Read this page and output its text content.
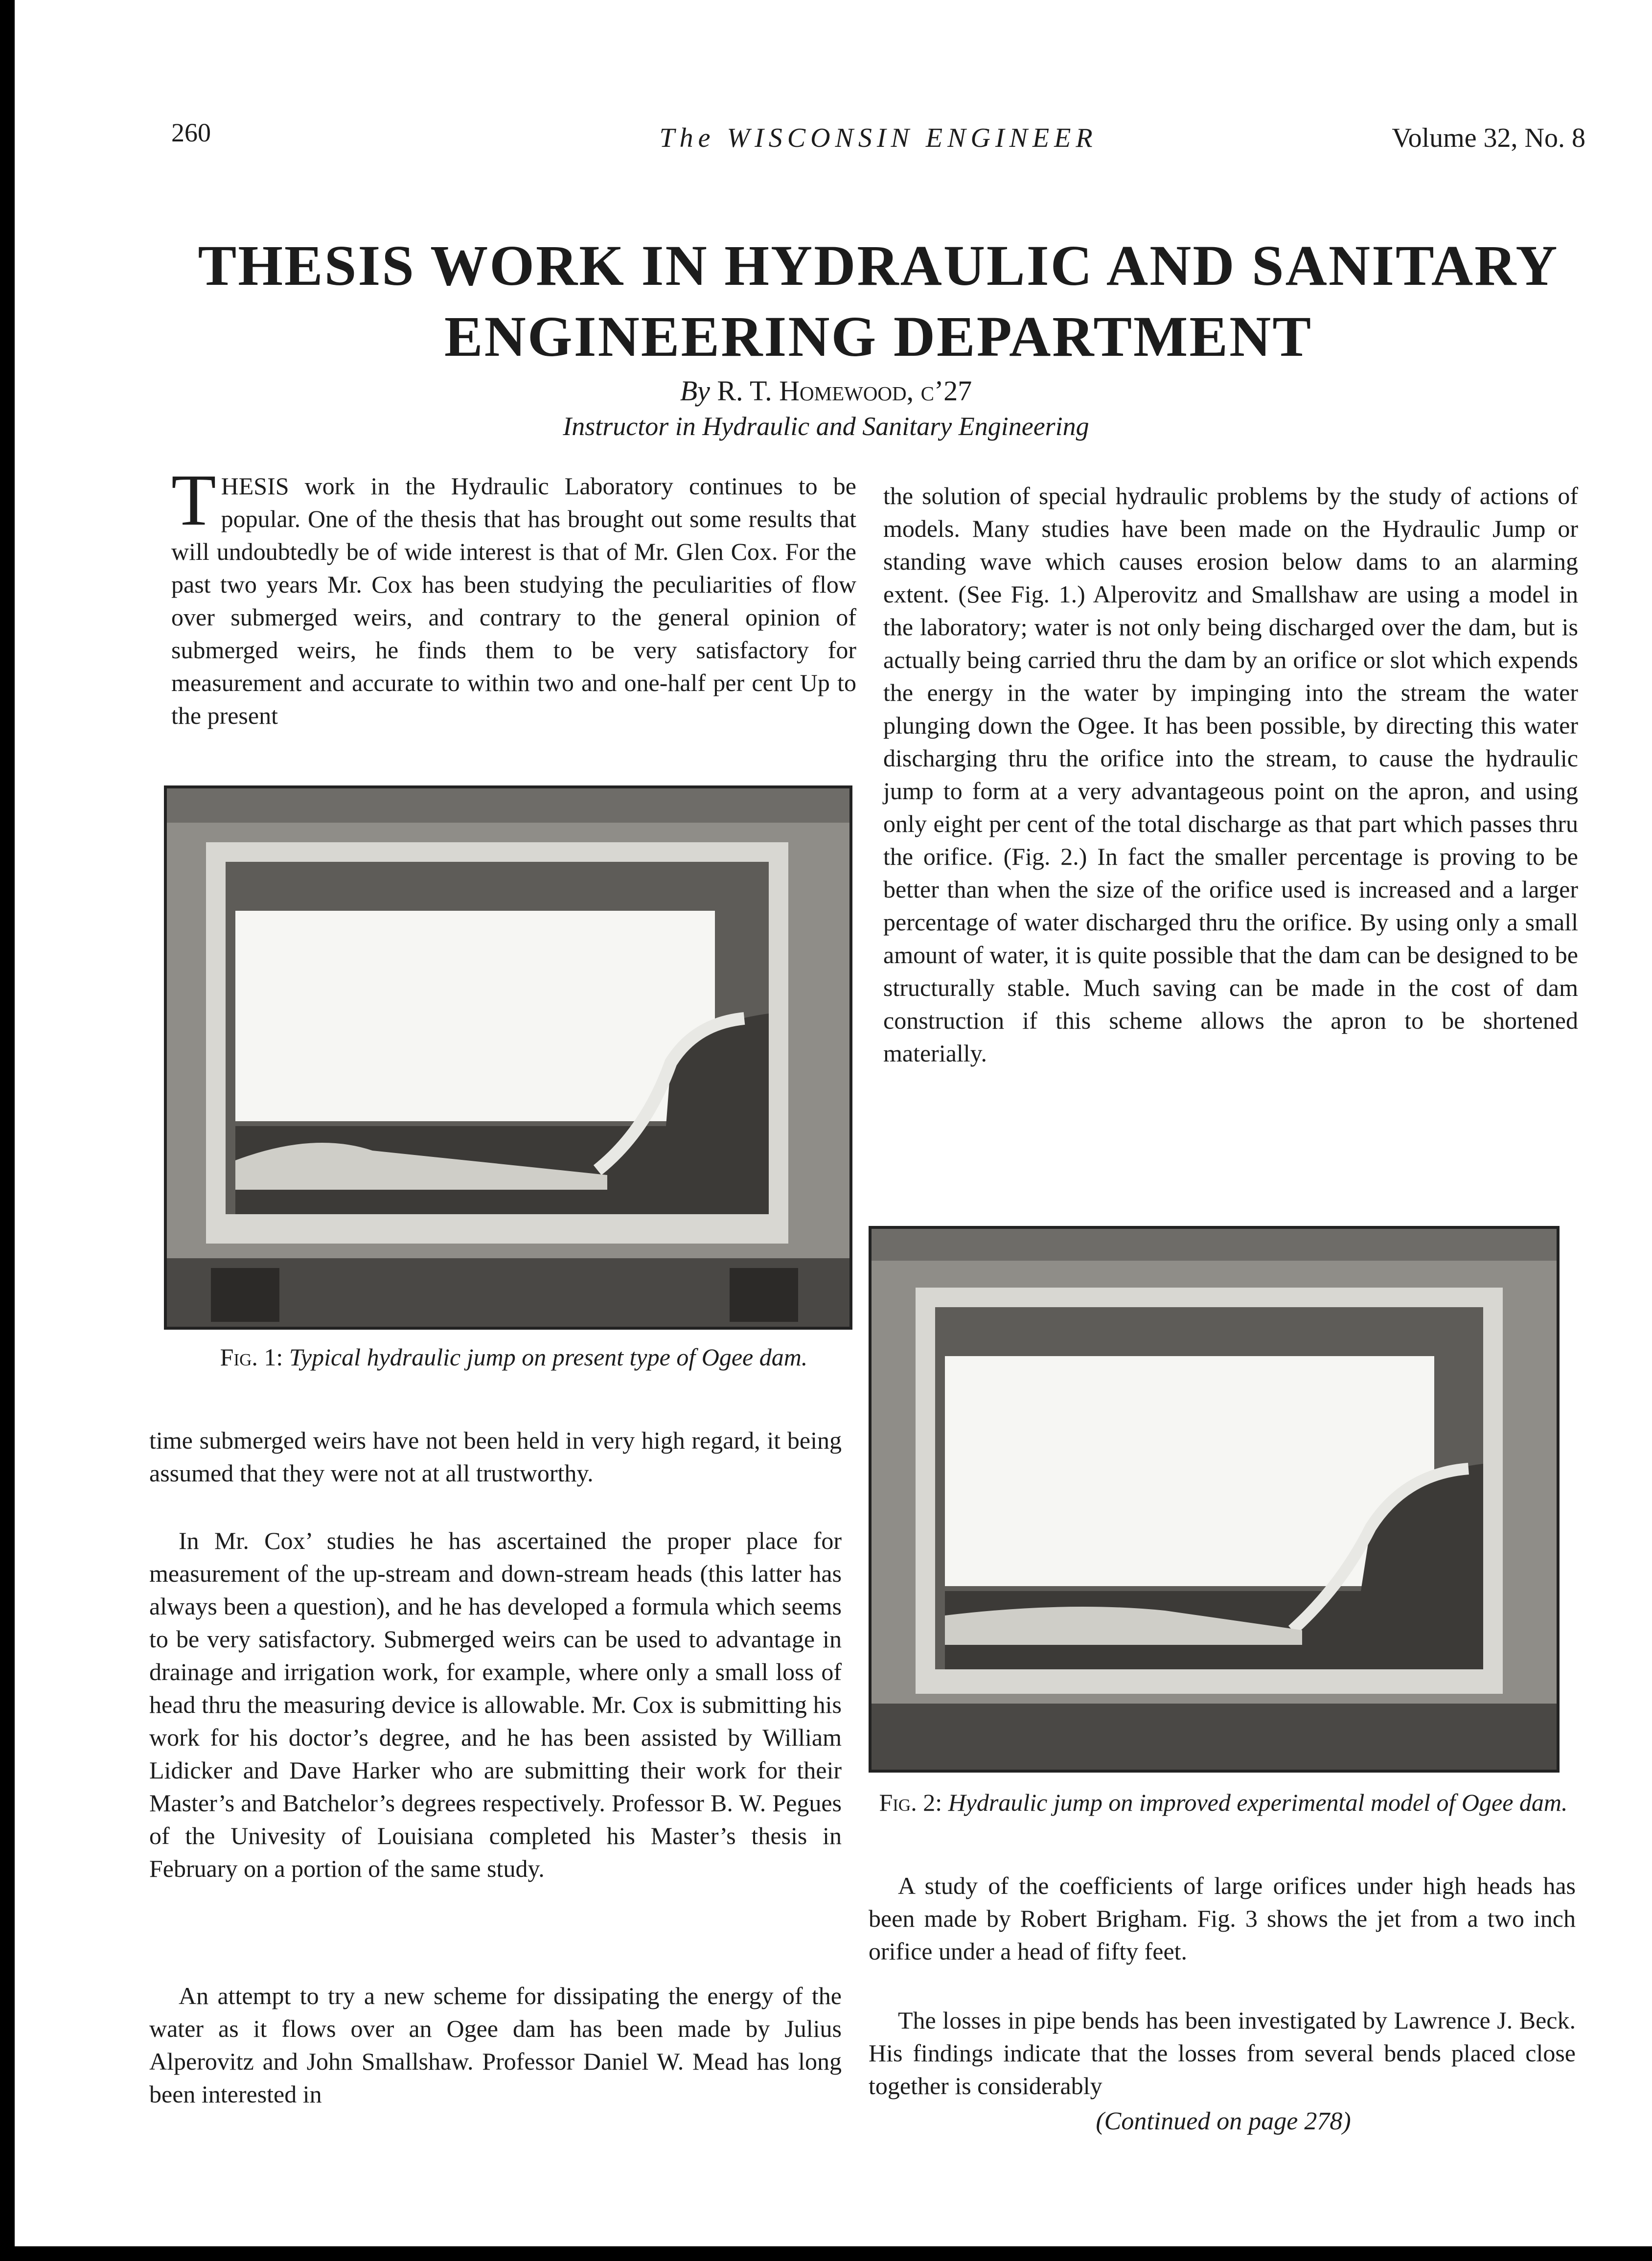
260	The WISCONSIN ENGINEER	Volume 32, No. 8
THESIS WORK IN HYDRAULIC AND SANITARY ENGINEERING DEPARTMENT
By R. T. Homewood, c’27
Instructor in Hydraulic and Sanitary Engineering

THESIS work in the Hydraulic Laboratory continues to be popular. One of the thesis that has brought out some results that will undoubtedly be of wide interest is that of Mr. Glen Cox. For the past two years Mr. Cox has been studying the peculiarities of flow over submerged weirs, and contrary to the general opinion of submerged weirs, he finds them to be very satisfactory for measurement and accurate to within two and one-half per cent Up to the present

Fig. 1: Typical hydraulic jump on present type of Ogee dam.

time submerged weirs have not been held in very high regard, it being assumed that they were not at all trustworthy.

In Mr. Cox’ studies he has ascertained the proper place for measurement of the up-stream and down-stream heads (this latter has always been a question), and he has developed a formula which seems to be very satisfactory. Submerged weirs can be used to advantage in drainage and irrigation work, for example, where only a small loss of head thru the measuring device is allowable. Mr. Cox is submitting his work for his doctor’s degree, and he has been assisted by William Lidicker and Dave Harker who are submitting their work for their Master’s and Batchelor’s degrees respectively. Professor B. W. Pegues of the Univesity of Louisiana completed his Master’s thesis in February on a portion of the same study.

An attempt to try a new scheme for dissipating the energy of the water as it flows over an Ogee dam has been made by Julius Alperovitz and John Smallshaw. Professor Daniel W. Mead has long been interested in

the solution of special hydraulic problems by the study of actions of models. Many studies have been made on the Hydraulic Jump or standing wave which causes erosion below dams to an alarming extent. (See Fig. 1.) Alperovitz and Smallshaw are using a model in the laboratory; water is not only being discharged over the dam, but is actually being carried thru the dam by an orifice or slot which expends the energy in the water by impinging into the stream the water plunging down the Ogee. It has been possible, by directing this water discharging thru the orifice into the stream, to cause the hydraulic jump to form at a very advantageous point on the apron, and using only eight per cent of the total discharge as that part which passes thru the orifice. (Fig. 2.) In fact the smaller percentage is proving to be better than when the size of the orifice used is increased and a larger percentage of water discharged thru the orifice. By using only a small amount of water, it is quite possible that the dam can be designed to be structurally stable. Much saving can be made in the cost of dam construction if this scheme allows the apron to be shortened materially.

Fig. 2: Hydraulic jump on improved experimental model of Ogee dam.

A study of the coefficients of large orifices under high heads has been made by Robert Brigham. Fig. 3 shows the jet from a two inch orifice under a head of fifty feet.

The losses in pipe bends has been investigated by Lawrence J. Beck. His findings indicate that the losses from several bends placed close together is considerably

(Continued on page 278)
